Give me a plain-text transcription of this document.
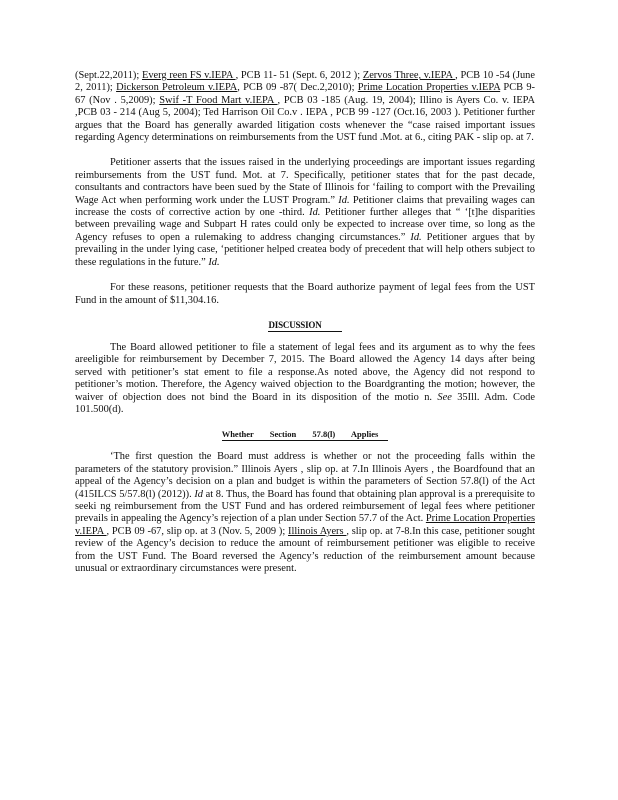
(Sept.22,2011); Everg reen FS v.IEPA , PCB 11- 51 (Sept. 6, 2012 ); Zervos Three, v.IEPA , PCB 10 -54 (June 2, 2011); Dickerson Petroleum v.IEPA, PCB 09 -87( Dec.2,2010); Prime Location Properties v.IEPA PCB 9-67 (Nov . 5,2009); Swif -T Food Mart v.IEPA , PCB 03 -185 (Aug. 19, 2004); Illino is Ayers Co. v. IEPA ,PCB 03 - 214 (Aug 5, 2004); Ted Harrison Oil Co.v . IEPA , PCB 99 -127 (Oct.16, 2003 ). Petitioner further argues that the Board has generally awarded litigation costs whenever the “case raised important issues regarding Agency determinations on reimbursements from the UST fund .Mot. at 6., citing PAK - slip op. at 7.

Petitioner asserts that the issues raised in the underlying proceedings are important issues regarding reimbursements from the UST fund. Mot. at 7. Specifically, petitioner states that for the past decade, consultants and contractors have been sued by the State of Illinois for ‘failing to comport with the Prevailing Wage Act when performing work under the LUST Program.” Id. Petitioner claims that prevailing wages can increase the costs of corrective action by one -third. Id. Petitioner further alleges that “ ‘[t]he disparities between prevailing wage and Subpart H rates could only be expected to increase over time, so long as the Agency refuses to open a rulemaking to address changing circumstances.” Id. Petitioner argues that by prevailing in the under lying case, ‘petitioner helped createa body of precedent that will help others subject to these regulations in the future.” Id.

For these reasons, petitioner requests that the Board authorize payment of legal fees from the UST Fund in the amount of $11,304.16.

DISCUSSION

The Board allowed petitioner to file a statement of legal fees and its argument as to why the fees areeligible for reimbursement by December 7, 2015. The Board allowed the Agency 14 days after being served with petitioner’s stat ement to file a response.As noted above, the Agency did not respond to petitioner’s motion. Therefore, the Agency waived objection to the Boardgranting the motion; however, the waiver of objection does not bind the Board in its disposition of the motio n. See 35Ill. Adm. Code 101.500(d).

Whether Section 57.8(l) Applies

‘The first question the Board must address is whether or not the proceeding falls within the parameters of the statutory provision.” Illinois Ayers , slip op. at 7.In Illinois Ayers , the Boardfound that an appeal of the Agency’s decision on a plan and budget is within the parameters of Section 57.8(l) of the Act (415ILCS 5/57.8(l) (2012)). Id at 8. Thus, the Board has found that obtaining plan approval is a prerequisite to seeki ng reimbursement from the UST Fund and has ordered reimbursement of legal fees where petitioner prevails in appealing the Agency’s rejection of a plan under Section 57.7 of the Act. Prime Location Properties v.IEPA , PCB 09 -67, slip op. at 3 (Nov. 5, 2009 ); Illinois Ayers , slip op. at 7-8.In this case, petitioner sought review of the Agency’s decision to reduce the amount of reimbursement petitioner was eligible to receive from the UST Fund. The Board reversed the Agency’s reduction of the reimbursement amount because unusual or extraordinary circumstances were present.
